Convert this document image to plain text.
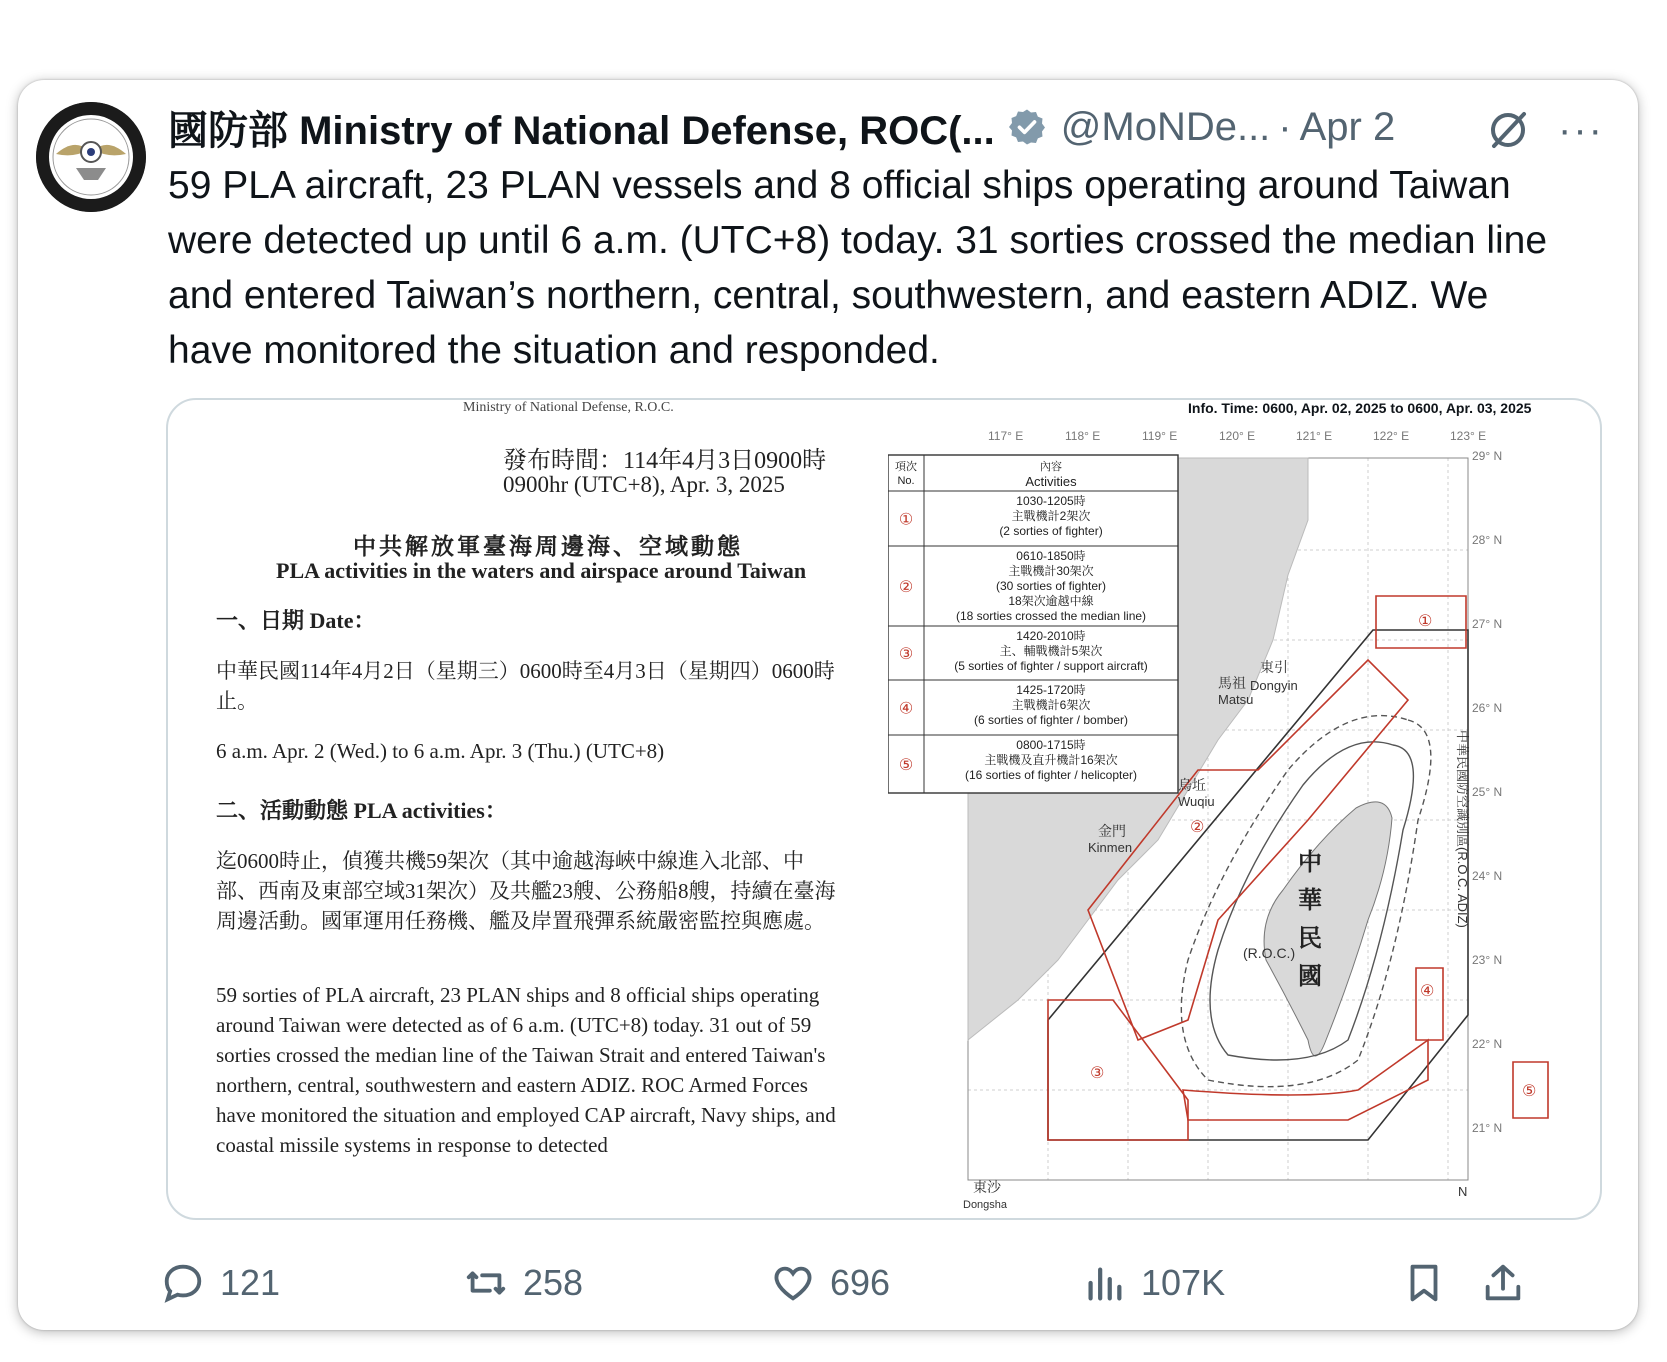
國防部 Ministry of National Defense, ROC(... @MoNDe... · Apr 2	···
59 PLA aircraft, 23 PLAN vessels and 8 official ships operating around Taiwan were detected up until 6 a.m. (UTC+8) today. 31 sorties crossed the median line and entered Taiwan’s northern, central, southwestern, and eastern ADIZ. We have monitored the situation and responded.
Ministry of National Defense, R.O.C.
發布時間：114年4月3日0900時
0900hr (UTC+8), Apr. 3, 2025
中共解放軍臺海周邊海、空域動態
PLA activities in the waters and airspace around Taiwan
一、日期 Date：
中華民國114年4月2日（星期三）0600時至4月3日（星期四）0600時止。
6 a.m. Apr. 2 (Wed.) to 6 a.m. Apr. 3 (Thu.) (UTC+8)
二、活動動態 PLA activities：
迄0600時止，偵獲共機59架次（其中逾越海峽中線進入北部、中部、西南及東部空域31架次）及共艦23艘、公務船8艘，持續在臺海周邊活動。國軍運用任務機、艦及岸置飛彈系統嚴密監控與應處。
59 sorties of PLA aircraft, 23 PLAN ships and 8 official ships operating around Taiwan were detected as of 6 a.m. (UTC+8) today. 31 out of 59 sorties crossed the median line of the Taiwan Strait and entered Taiwan's northern, central, southwestern and eastern ADIZ. ROC Armed Forces have monitored the situation and employed CAP aircraft, Navy ships, and coastal missile systems in response to detected
Info. Time: 0600, Apr. 02, 2025 to 0600, Apr. 03, 2025
117° E	118° E	119° E	120° E	121° E	122° E	123° E
29° N
28° N
27° N
26° N
25° N
24° N
23° N
22° N
21° N
項次
No.
內容
Activities
①
1030-1205時
主戰機計2架次
(2 sorties of fighter)
②
0610-1850時
主戰機計30架次
(30 sorties of fighter)
18架次逾越中線
(18 sorties crossed the median line)
③
1420-2010時
主、輔戰機計5架次
(5 sorties of fighter / support aircraft)
④
1425-1720時
主戰機計6架次
(6 sorties of fighter / bomber)
⑤
0800-1715時
主戰機及直升機計16架次
(16 sorties of fighter / helicopter)
馬祖
Matsu
東引
Dongyin
烏坵
Wuqiu
金門
Kinmen
東沙
Dongsha
(R.O.C.)
N
中
華
民
國
中華民國防空識別區(R.O.C. ADIZ)
①
②
③
④
⑤
121	258	696	107K
